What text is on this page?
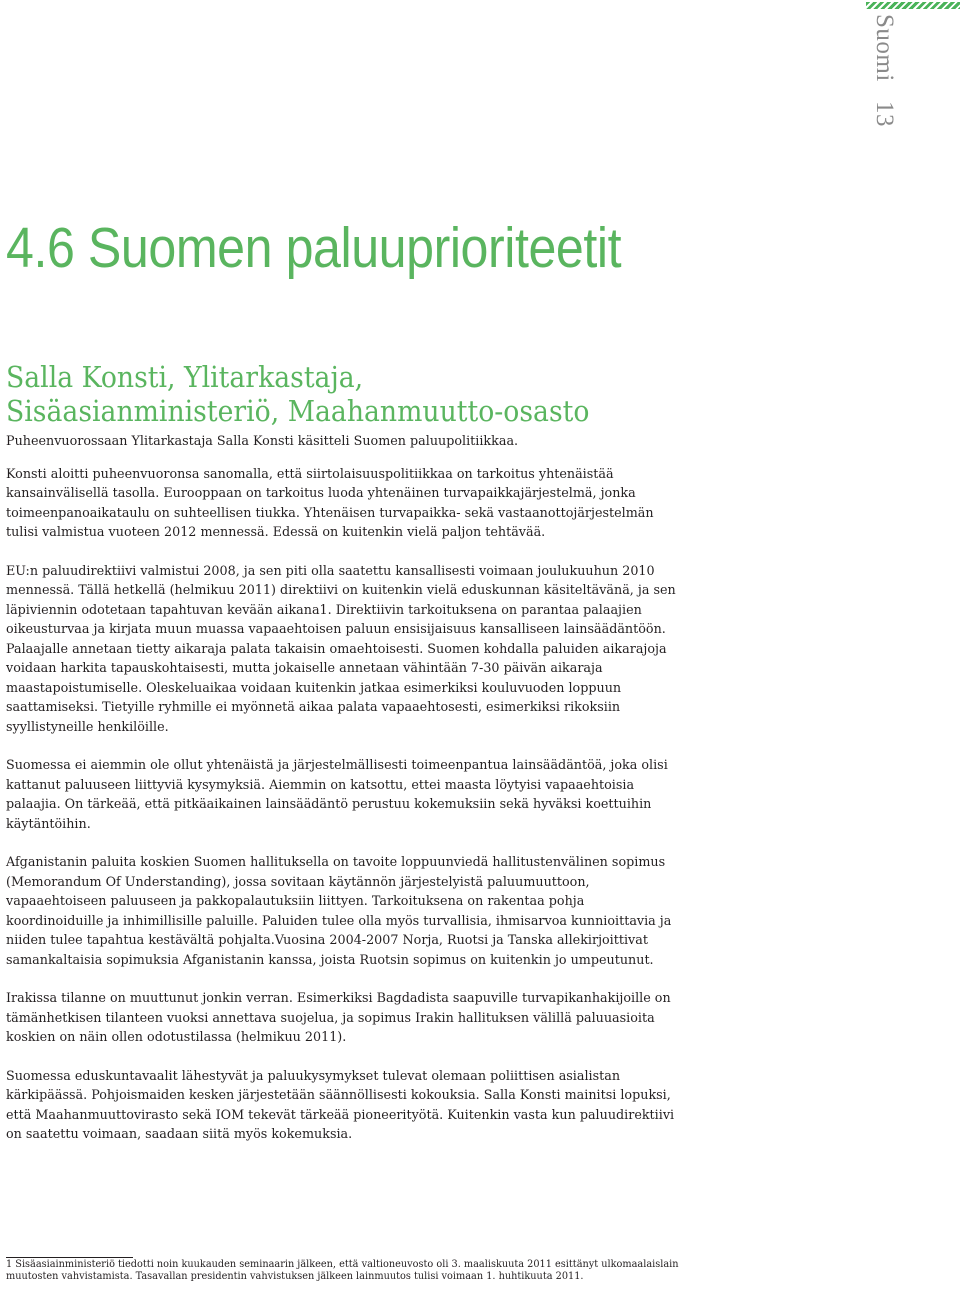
Suomi 13
4.6 Suomen paluuprioriteetit
Salla Konsti, Ylitarkastaja,
Sisäasianministeriö, Maahanmuutto-osasto

Puheenvuorossaan Ylitarkastaja Salla Konsti käsitteli Suomen paluupolitiikkaa.

Konsti aloitti puheenvuoronsa sanomalla, että siirtolaisuuspolitiikkaa on tarkoitus yhtenäistää kansainvälisellä tasolla. Eurooppaan on tarkoitus luoda yhtenäinen turvapaikkajärjestelmä, jonka toimeenpanoaikataulu on suhteellisen tiukka. Yhtenäisen turvapaikka- sekä vastaanottojärjestelmän tulisi valmistua vuoteen 2012 mennessä. Edessä on kuitenkin vielä paljon tehtävää.

EU:n paluudirektiivi valmistui 2008, ja sen piti olla saatettu kansallisesti voimaan joulukuuhun 2010 mennessä. Tällä hetkellä (helmikuu 2011) direktiivi on kuitenkin vielä eduskunnan käsiteltävänä, ja sen läpiviennin odotetaan tapahtuvan kevään aikana1. Direktiivin tarkoituksena on parantaa palaajien oikeusturvaa ja kirjata muun muassa vapaaehtoisen paluun ensisijaisuus kansalliseen lainsäädäntöön. Palaajalle annetaan tietty aikaraja palata takaisin omaehtoisesti. Suomen kohdalla paluiden aikarajoja voidaan harkita tapauskohtaisesti, mutta jokaiselle annetaan vähintään 7-30 päivän aikaraja maastapoistumiselle. Oleskeluaikaa voidaan kuitenkin jatkaa esimerkiksi kouluvuoden loppuun saattamiseksi. Tietyille ryhmille ei myönnetä aikaa palata vapaaehtosesti, esimerkiksi rikoksiin syyllistyneille henkilöille.

Suomessa ei aiemmin ole ollut yhtenäistä ja järjestelmällisesti toimeenpantua lainsäädäntöä, joka olisi kattanut paluuseen liittyviä kysymyksiä. Aiemmin on katsottu, ettei maasta löytyisi vapaaehtoisia palaajia. On tärkeää, että pitkäaikainen lainsäädäntö perustuu kokemuksiin sekä hyväksi koettuihin käytäntöihin.

Afganistanin paluita koskien Suomen hallituksella on tavoite loppuunviedä hallitustenvälinen sopimus (Memorandum Of Understanding), jossa sovitaan käytännön järjestelyistä paluumuuttoon, vapaaehtoiseen paluuseen ja pakkopalautuksiin liittyen. Tarkoituksena on rakentaa pohja koordinoiduille ja inhimillisille paluille. Paluiden tulee olla myös turvallisia, ihmisarvoa kunnioittavia ja niiden tulee tapahtua kestävältä pohjalta.Vuosina 2004-2007 Norja, Ruotsi ja Tanska allekirjoittivat samankaltaisia sopimuksia Afganistanin kanssa, joista Ruotsin sopimus on kuitenkin jo umpeutunut.

Irakissa tilanne on muuttunut jonkin verran. Esimerkiksi Bagdadista saapuville turvapikanhakijoille on tämänhetkisen tilanteen vuoksi annettava suojelua, ja sopimus Irakin hallituksen välillä paluuasioita koskien on näin ollen odotustilassa (helmikuu 2011).

Suomessa eduskuntavaalit lähestyvät ja paluukysymykset tulevat olemaan poliittisen asialistan kärkipäässä. Pohjoismaiden kesken järjestetään säännöllisesti kokouksia. Salla Konsti mainitsi lopuksi, että Maahanmuuttovirasto sekä IOM tekevät tärkeää pioneerityötä. Kuitenkin vasta kun paluudirektiivi on saatettu voimaan, saadaan siitä myös kokemuksia.

1 Sisäasiainministeriö tiedotti noin kuukauden seminaarin jälkeen, että valtioneuvosto oli 3. maaliskuuta 2011 esittänyt ulkomaalaislain muutosten vahvistamista. Tasavallan presidentin vahvistuksen jälkeen lainmuutos tulisi voimaan 1. huhtikuuta 2011.
